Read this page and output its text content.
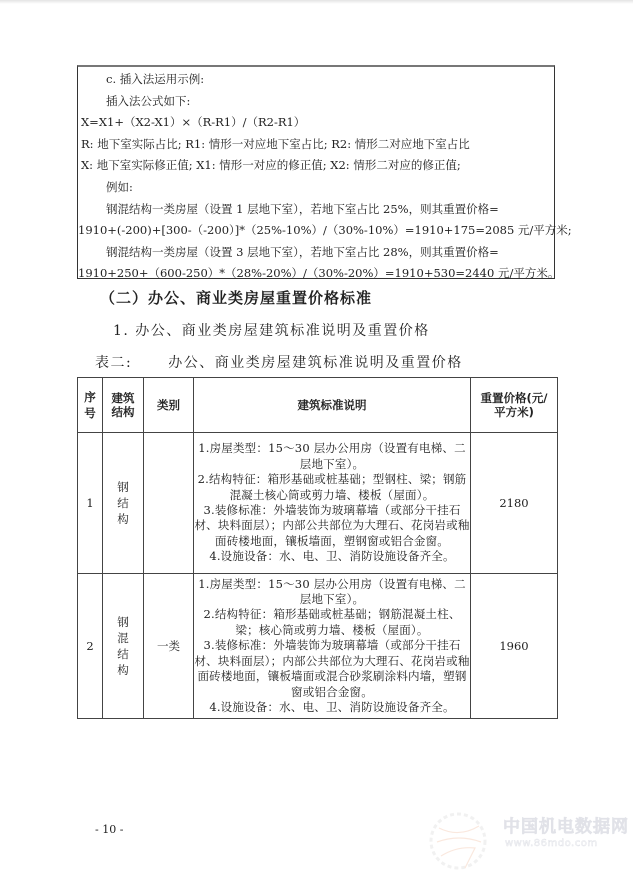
c. 插入法运用示例:
插入法公式如下:
X=X1+（X2-X1）×（R-R1）/（R2-R1）
R: 地下室实际占比; R1: 情形一对应地下室占比; R2: 情形二对应地下室占比
X: 地下室实际修正值; X1: 情形一对应的修正值; X2: 情形二对应的修正值;
例如:
钢混结构一类房屋（设置 1 层地下室），若地下室占比 25%，则其重置价格=
1910+(-200)+[300-（-200）]*（25%-10%）/（30%-10%）=1910+175=2085 元/平方米;
钢混结构一类房屋（设置 3 层地下室），若地下室占比 28%，则其重置价格=
1910+250+（600-250）*（28%-20%）/（30%-20%）=1910+530=2440 元/平方米。
（二）办公、商业类房屋重置价格标准
1. 办公、商业类房屋建筑标准说明及重置价格
表二:	办公、商业类房屋建筑标准说明及重置价格
序号	建筑结构	类别	建筑标准说明	重置价格(元/平方米)
1	钢结构		1.房屋类型：15～30 层办公用房（设置有电梯、二层地下室）。
2.结构特征：箱形基础或桩基础；型钢柱、梁；钢筋混凝土核心筒或剪力墙、楼板（屋面）。
3.装修标准：外墙装饰为玻璃幕墙（或部分干挂石材、块料面层）；内部公共部位为大理石、花岗岩或釉面砖楼地面，镶板墙面，塑钢窗或铝合金窗。
4.设施设备：水、电、卫、消防设施设备齐全。	2180
2	钢混结构	一类	1.房屋类型：15～30 层办公用房（设置有电梯、二层地下室）。
2.结构特征：箱形基础或桩基础；钢筋混凝土柱、梁；核心筒或剪力墙、楼板（屋面）。
3.装修标准：外墙装饰为玻璃幕墙（或部分干挂石材、块料面层）；内部公共部位为大理石、花岗岩或釉面砖楼地面，镶板墙面或混合砂浆刷涂料内墙，塑钢窗或铝合金窗。
4.设施设备：水、电、卫、消防设施设备齐全。	1960
- 10 -	中国机电数据网
www.86mdo.com
